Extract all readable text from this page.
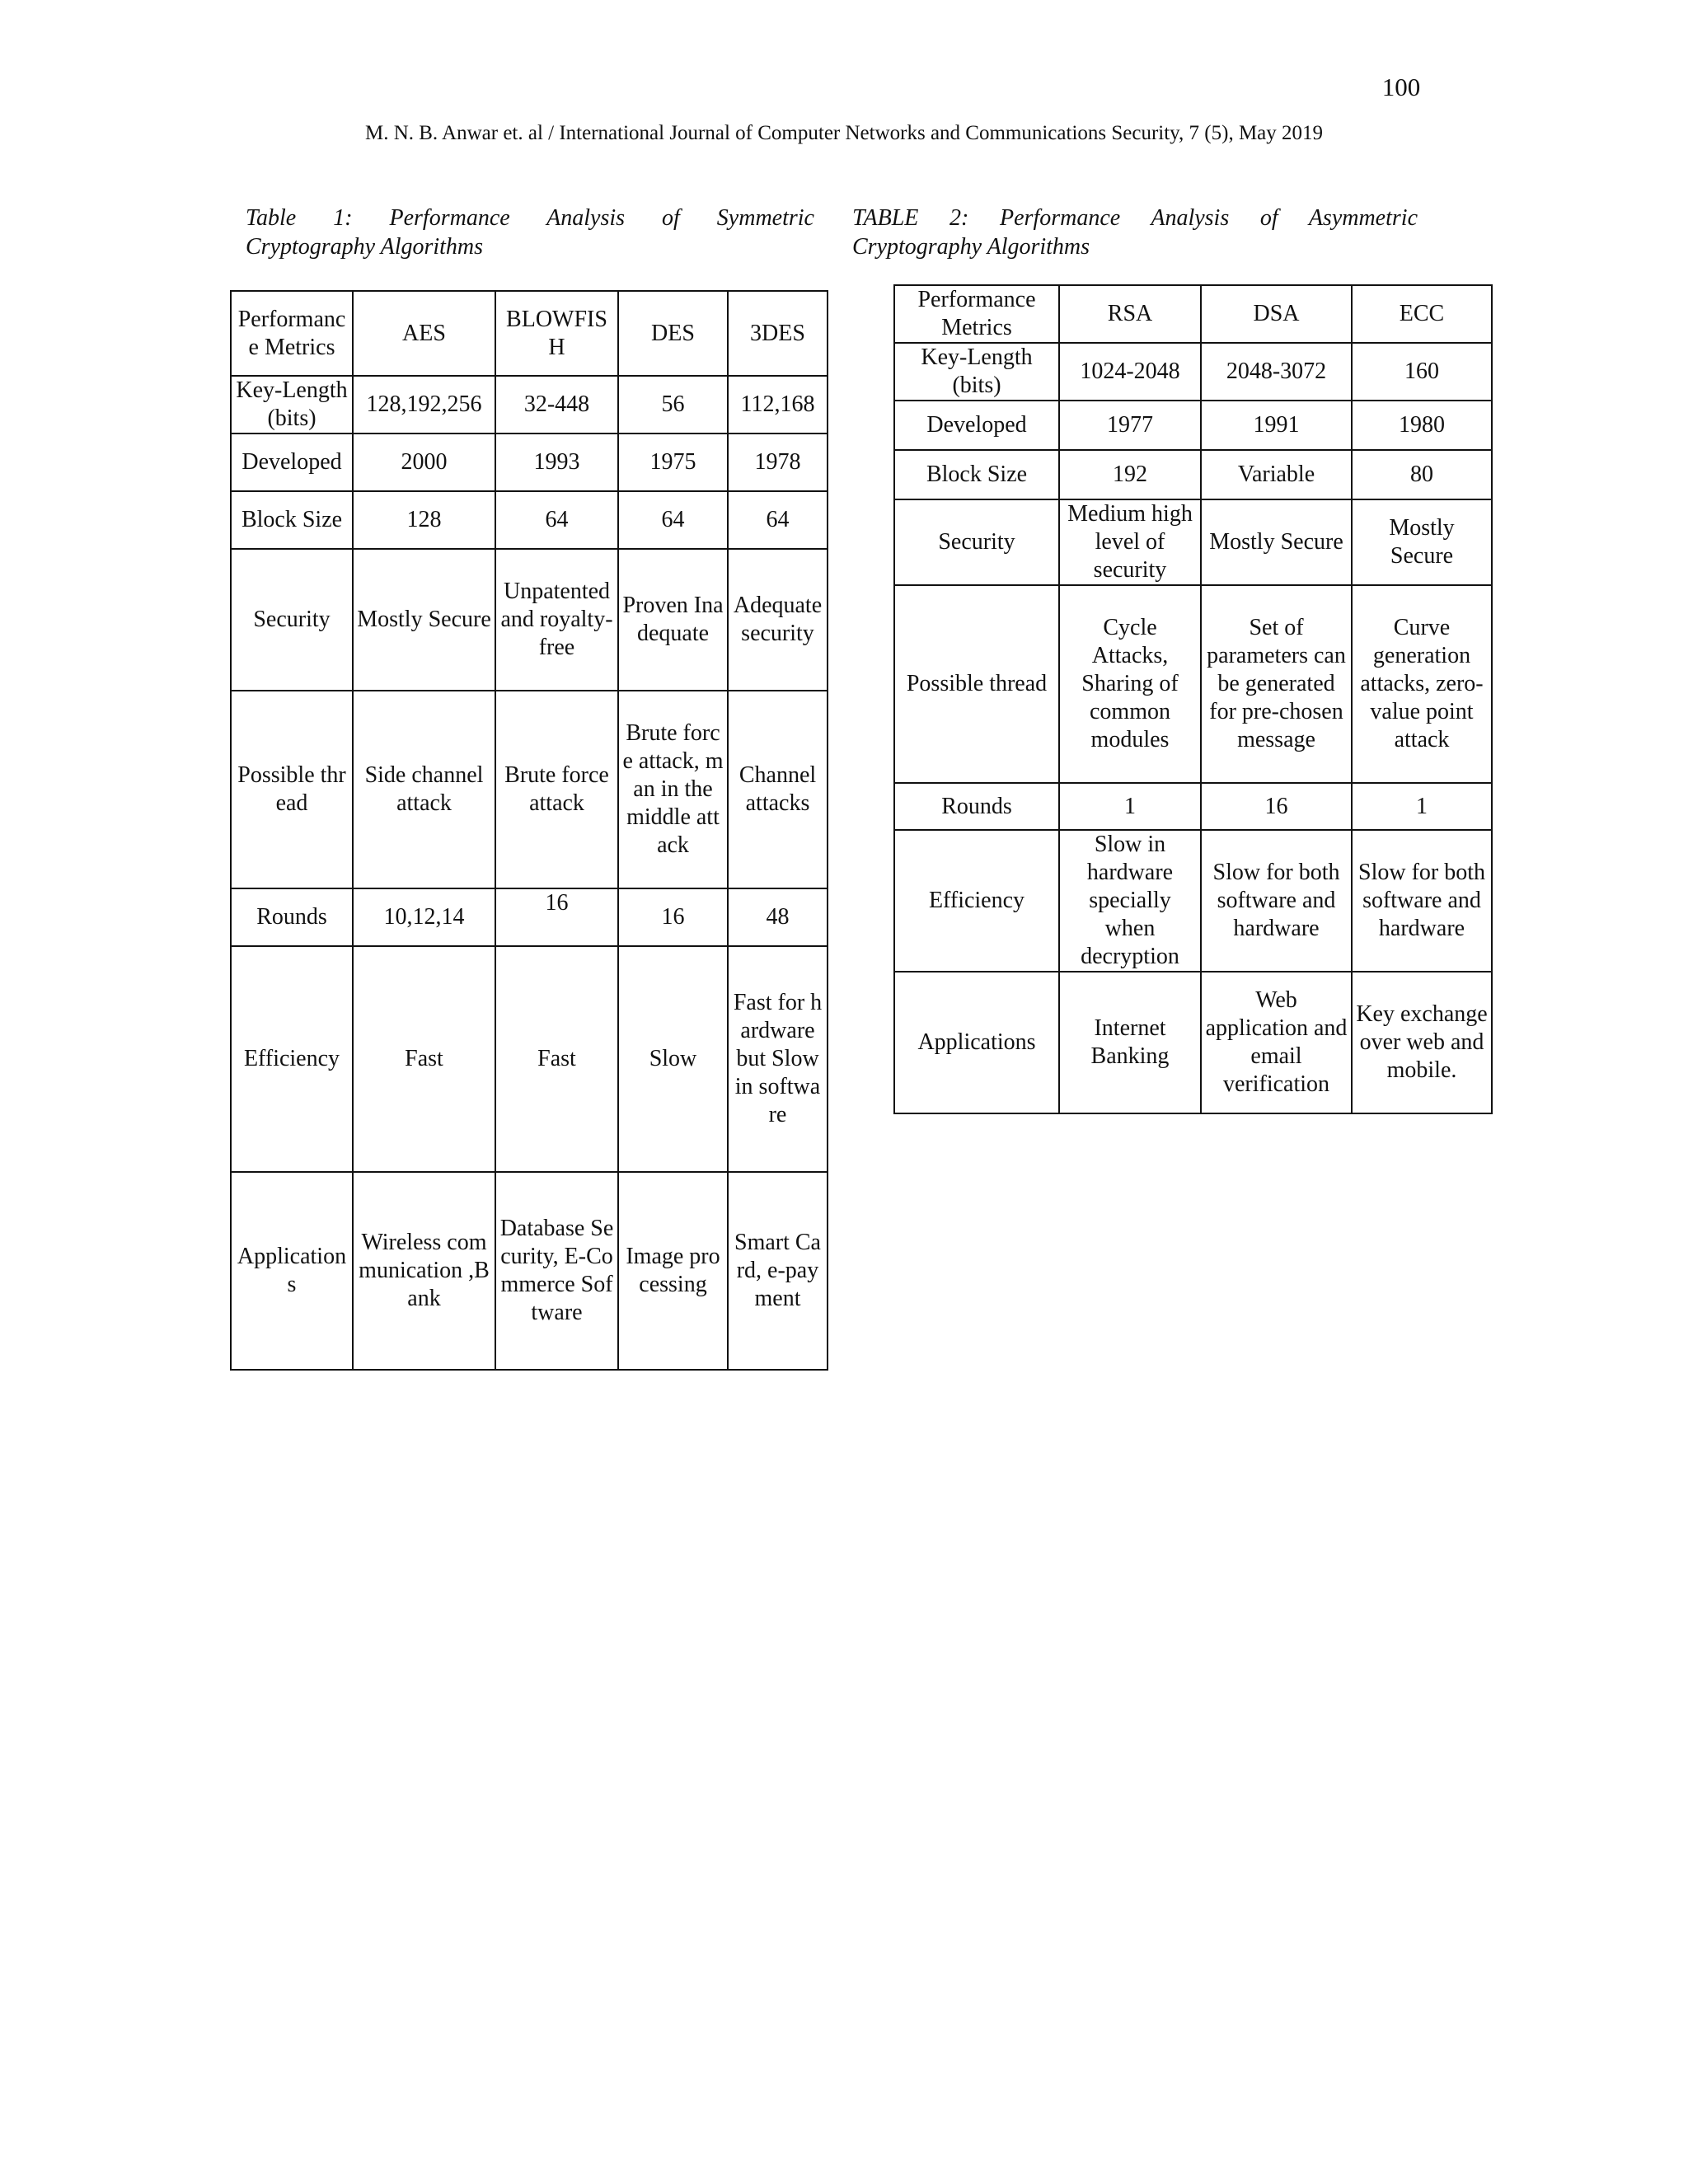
100
M. N. B. Anwar et. al / International Journal of Computer Networks and Communications Security, 7 (5), May 2019
Table 1: Performance Analysis of Symmetric
Cryptography Algorithms
TABLE 2: Performance Analysis of Asymmetric
Cryptography Algorithms
Performance Metrics	AES	BLOWFISH	DES	3DES
Key-Length (bits)	128,192,256	32-448	56	112,168
Developed	2000	1993	1975	1978
Block Size	128	64	64	64
Security	Mostly Secure	Unpatented and royalty-free	Proven Inadequate	Adequate security
Possible thread	Side channel attack	Brute force attack	Brute force attack, man in the middle attack	Channel attacks
Rounds	10,12,14	16	16	48
Efficiency	Fast	Fast	Slow	Fast for hardware but Slow in software
Applications	Wireless communication ,Bank	Database Security, E-Commerce Software	Image processing	Smart Card, e-payment
Performance Metrics	RSA	DSA	ECC
Key-Length (bits)	1024-2048	2048-3072	160
Developed	1977	1991	1980
Block Size	192	Variable	80
Security	Medium high level of security	Mostly Secure	Mostly Secure
Possible thread	Cycle Attacks, Sharing of common modules	Set of parameters can be generated for pre-chosen message	Curve generation attacks, zero-value point attack
Rounds	1	16	1
Efficiency	Slow in hardware specially when decryption	Slow for both software and hardware	Slow for both software and hardware
Applications	Internet Banking	Web application and email verification	Key exchange over web and mobile.
